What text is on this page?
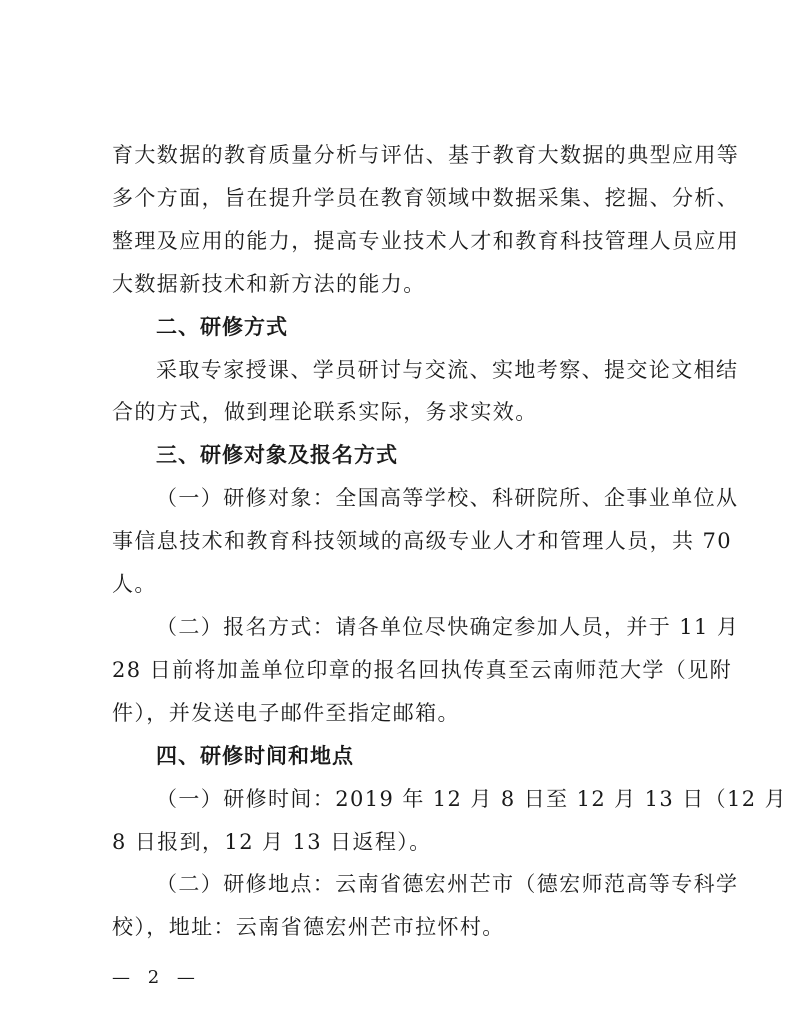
育大数据的教育质量分析与评估、基于教育大数据的典型应用等
多个方面，旨在提升学员在教育领域中数据采集、挖掘、分析、
整理及应用的能力，提高专业技术人才和教育科技管理人员应用
大数据新技术和新方法的能力。
二、研修方式
采取专家授课、学员研讨与交流、实地考察、提交论文相结
合的方式，做到理论联系实际，务求实效。
三、研修对象及报名方式
（一）研修对象：全国高等学校、科研院所、企事业单位从
事信息技术和教育科技领域的高级专业人才和管理人员，共 70
人。
（二）报名方式：请各单位尽快确定参加人员，并于 11 月
28 日前将加盖单位印章的报名回执传真至云南师范大学（见附
件），并发送电子邮件至指定邮箱。
四、研修时间和地点
（一）研修时间：2019 年 12 月 8 日至 12 月 13 日（12 月
8 日报到，12 月 13 日返程）。
（二）研修地点：云南省德宏州芒市（德宏师范高等专科学
校），地址：云南省德宏州芒市拉怀村。
— 2 —
